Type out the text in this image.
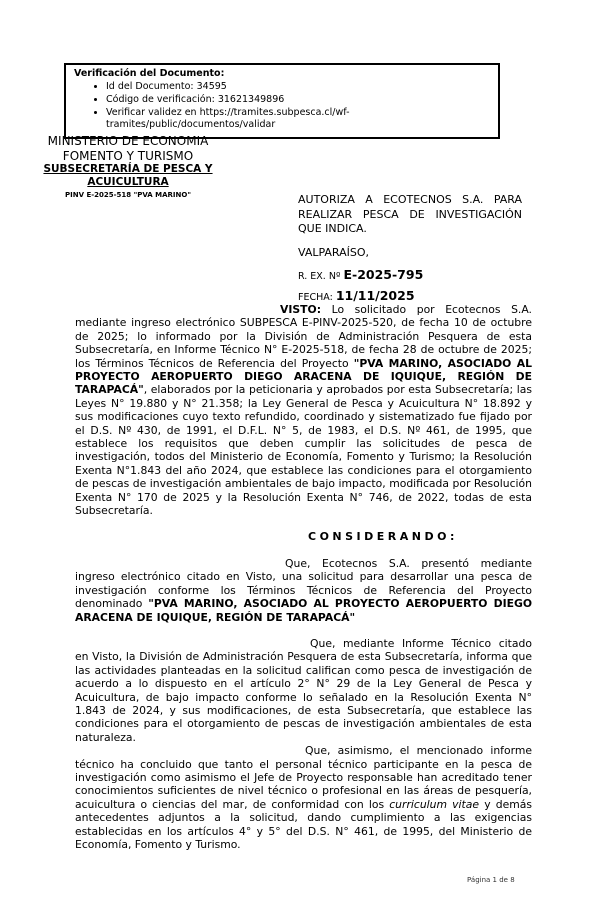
Verificación del Documento:
• Id del Documento: 34595
• Código de verificación: 31621349896
• Verificar validez en https://tramites.subpesca.cl/wf-tramites/public/documentos/validar
MINISTERIO DE ECONOMIA
FOMENTO Y TURISMO
SUBSECRETARÍA DE PESCA Y
ACUICULTURA
PINV E-2025-518 "PVA MARINO"	AUTORIZA A ECOTECNOS S.A. PARA REALIZAR PESCA DE INVESTIGACIÓN QUE INDICA.
VALPARAÍSO,
R. EX. Nº E-2025-795
FECHA: 11/11/2025

VISTO: Lo solicitado por Ecotecnos S.A. mediante ingreso electrónico SUBPESCA E-PINV-2025-520, de fecha 10 de octubre de 2025; lo informado por la División de Administración Pesquera de esta Subsecretaría, en Informe Técnico N° E-2025-518, de fecha 28 de octubre de 2025; los Términos Técnicos de Referencia del Proyecto "PVA MARINO, ASOCIADO AL PROYECTO AEROPUERTO DIEGO ARACENA DE IQUIQUE, REGIÓN DE TARAPACÁ", elaborados por la peticionaria y aprobados por esta Subsecretaría; las Leyes N° 19.880 y N° 21.358; la Ley General de Pesca y Acuicultura N° 18.892 y sus modificaciones cuyo texto refundido, coordinado y sistematizado fue fijado por el D.S. Nº 430, de 1991, el D.F.L. N° 5, de 1983, el D.S. Nº 461, de 1995, que establece los requisitos que deben cumplir las solicitudes de pesca de investigación, todos del Ministerio de Economía, Fomento y Turismo; la Resolución Exenta N°1.843 del año 2024, que establece las condiciones para el otorgamiento de pescas de investigación ambientales de bajo impacto, modificada por Resolución Exenta N° 170 de 2025 y la Resolución Exenta N° 746, de 2022, todas de esta Subsecretaría.

CONSIDERANDO:

Que, Ecotecnos S.A. presentó mediante ingreso electrónico citado en Visto, una solicitud para desarrollar una pesca de investigación conforme los Términos Técnicos de Referencia del Proyecto denominado "PVA MARINO, ASOCIADO AL PROYECTO AEROPUERTO DIEGO ARACENA DE IQUIQUE, REGIÓN DE TARAPACÁ"

Que, mediante Informe Técnico citado en Visto, la División de Administración Pesquera de esta Subsecretaría, informa que las actividades planteadas en la solicitud califican como pesca de investigación de acuerdo a lo dispuesto en el artículo 2° N° 29 de la Ley General de Pesca y Acuicultura, de bajo impacto conforme lo señalado en la Resolución Exenta N° 1.843 de 2024, y sus modificaciones, de esta Subsecretaría, que establece las condiciones para el otorgamiento de pescas de investigación ambientales de esta naturaleza.

Que, asimismo, el mencionado informe técnico ha concluido que tanto el personal técnico participante en la pesca de investigación como asimismo el Jefe de Proyecto responsable han acreditado tener conocimientos suficientes de nivel técnico o profesional en las áreas de pesquería, acuicultura o ciencias del mar, de conformidad con los curriculum vitae y demás antecedentes adjuntos a la solicitud, dando cumplimiento a las exigencias establecidas en los artículos 4° y 5° del D.S. N° 461, de 1995, del Ministerio de Economía, Fomento y Turismo.

Página 1 de 8
